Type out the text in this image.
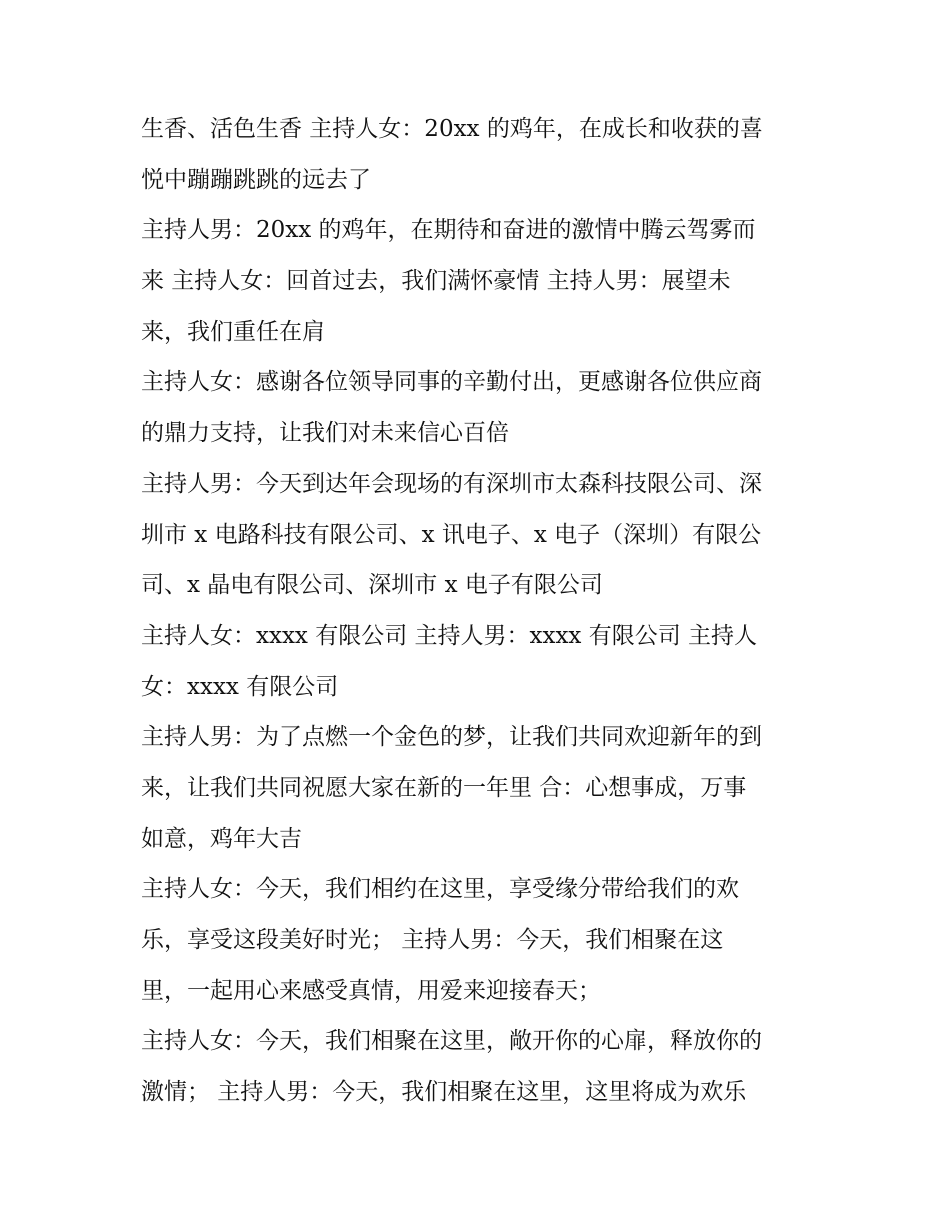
生香、活色生香 主持人女：20xx 的鸡年，在成长和收获的喜
悦中蹦蹦跳跳的远去了
主持人男：20xx 的鸡年，在期待和奋进的激情中腾云驾雾而
来 主持人女：回首过去，我们满怀豪情 主持人男：展望未
来，我们重任在肩
主持人女：感谢各位领导同事的辛勤付出，更感谢各位供应商
的鼎力支持，让我们对未来信心百倍
主持人男：今天到达年会现场的有深圳市太森科技限公司、深
圳市 x 电路科技有限公司、x 讯电子、x 电子（深圳）有限公
司、x 晶电有限公司、深圳市 x 电子有限公司
主持人女：xxxx 有限公司 主持人男：xxxx 有限公司 主持人
女：xxxx 有限公司
主持人男：为了点燃一个金色的梦，让我们共同欢迎新年的到
来，让我们共同祝愿大家在新的一年里 合：心想事成，万事
如意，鸡年大吉
主持人女：今天，我们相约在这里，享受缘分带给我们的欢
乐，享受这段美好时光； 主持人男：今天，我们相聚在这
里，一起用心来感受真情，用爱来迎接春天；
主持人女：今天，我们相聚在这里，敞开你的心扉，释放你的
激情； 主持人男：今天，我们相聚在这里，这里将成为欢乐
